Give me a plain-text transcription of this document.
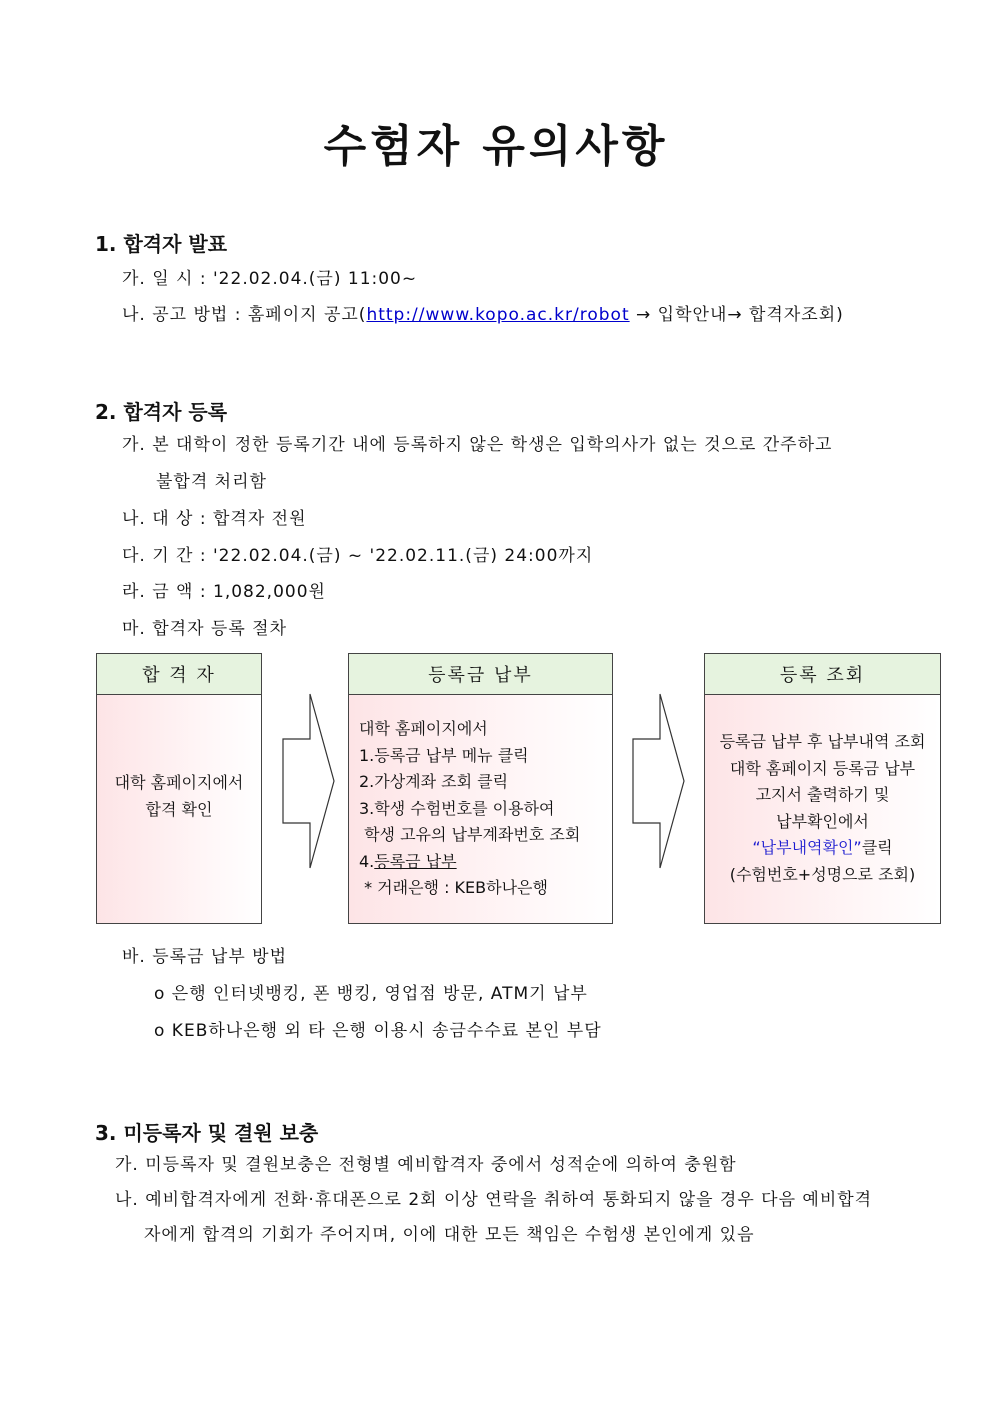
수험자 유의사항
1. 합격자 발표
가. 일 시 : '22.02.04.(금) 11:00~
나. 공고 방법 : 홈페이지 공고(http://www.kopo.ac.kr/robot → 입학안내→ 합격자조회)
2. 합격자 등록
가. 본 대학이 정한 등록기간 내에 등록하지 않은 학생은 입학의사가 없는 것으로 간주하고
불합격 처리함
나. 대 상 : 합격자 전원
다. 기 간 : '22.02.04.(금) ~ '22.02.11.(금) 24:00까지
라. 금 액 : 1,082,000원
마. 합격자 등록 절차
합 격 자
대학 홈페이지에서
합격 확인
등록금 납부
대학 홈페이지에서
1.등록금 납부 메뉴 클릭
2.가상계좌 조회 클릭
3.학생 수험번호를 이용하여
학생 고유의 납부계좌번호 조회
4.등록금 납부
* 거래은행 : KEB하나은행
등록 조회
등록금 납부 후 납부내역 조회
대학 홈페이지 등록금 납부
고지서 출력하기 및
납부확인에서
“납부내역확인”클릭
(수험번호+성명으로 조회)
바. 등록금 납부 방법
o 은행 인터넷뱅킹, 폰 뱅킹, 영업점 방문, ATM기 납부
o KEB하나은행 외 타 은행 이용시 송금수수료 본인 부담
3. 미등록자 및 결원 보충
가. 미등록자 및 결원보충은 전형별 예비합격자 중에서 성적순에 의하여 충원함
나. 예비합격자에게 전화·휴대폰으로 2회 이상 연락을 취하여 통화되지 않을 경우 다음 예비합격
자에게 합격의 기회가 주어지며, 이에 대한 모든 책임은 수험생 본인에게 있음
